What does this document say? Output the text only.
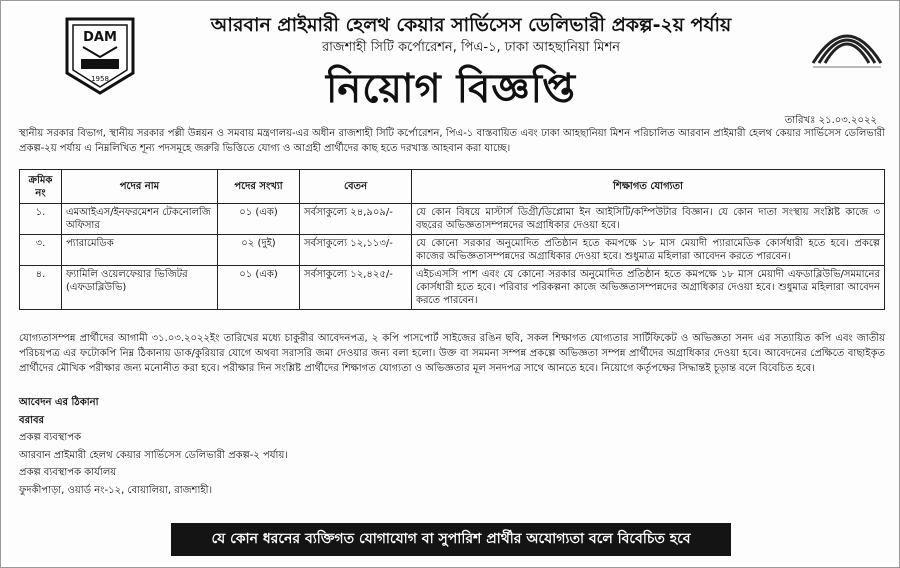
DAM
1958
আরবান প্রাইমারী হেলথ কেয়ার সার্ভিসেস ডেলিভারী প্রকল্প-২য় পর্যায়
রাজশাহী সিটি কর্পোরেশন, পিএ-১, ঢাকা আহছানিয়া মিশন
নিয়োগ বিজ্ঞপ্তি
তারিখঃ ২১.০৩.২০২২
স্থানীয় সরকার বিভাগ, স্থানীয় সরকার পল্লী উন্নয়ন ও সমবায় মন্ত্রণালয়-এর অধীন রাজশাহী সিটি কর্পোরেশন, পিএ-১ বাস্তবায়িত এবং ঢাকা আহছানিয়া মিশন পরিচালিত আরবান প্রাইমারী হেলথ কেয়ার সার্ভিসেস ডেলিভারী প্রকল্প-২য় পর্যায় এ নিম্নলিখিত শূন্য পদসমূহে জরুরি ভিত্তিতে যোগ্য ও আগ্রহী প্রার্থীদের কাছ হতে দরখাস্ত আহবান করা যাচ্ছে।
ক্রমিক নং	পদের নাম	পদের সংখ্যা	বেতন	শিক্ষাগত যোগ্যতা
১.	এমআইএস/ইনফরমেশন টেকনোলজি অফিসার	০১ (এক)	সর্বসাকুল্যে ২৪,৯০৯/-	যে কোন বিষয়ে মাস্টার্স ডিগ্রী/ডিপ্লোমা ইন আইসিটি/কম্পিউটার বিজ্ঞান। যে কোন দাতা সংস্থায় সংশ্লিষ্ট কাজে ৩ বছরের অভিজ্ঞতাসম্পন্নদের অগ্রাধিকার দেওয়া হবে।
৩.	প্যারামেডিক	০২ (দুই)	সর্বসাকুল্যে ১২,১১৩/-	যে কোনো সরকার অনুমোদিত প্রতিষ্ঠান হতে কমপক্ষে ১৮ মাস মেয়াদী প্যারামেডিক কোর্সধারী হতে হবে। প্রকল্পে কাজের অভিজ্ঞতাসম্পন্নদের অগ্রাধিকার দেওয়া হবে। শুধুমাত্র মহিলারা আবেদন করতে পারবেন।
৪.	ফ্যামিলি ওয়েলফেয়ার ভিজিটর (এফডাব্লিউভি)	০১ (এক)	সর্বসাকুল্যে ১২,৪২৫/-	এইচএসসি পাশ এবং যে কোনো সরকার অনুমোদিত প্রতিষ্ঠান হতে কমপক্ষে ১৮ মাস মেয়াদী এফডাব্লিউভি/সমমানের কোর্সধারী হতে হবে। পরিবার পরিকল্পনা কাজে অভিজ্ঞতাসম্পন্নদের অগ্রাধিকার দেওয়া হবে। শুধুমাত্র মহিলারা আবেদন করতে পারবেন।
যোগ্যতাসম্পন্ন প্রার্থীদের আগামী ৩১.০৩.২০২২ইং তারিখের মধ্যে চাকুরীর আবেদনপত্র, ২ কপি পাসপোর্ট সাইজের রঙিন ছবি, সকল শিক্ষাগত যোগ্যতার সার্টিফিকেট ও অভিজ্ঞতা সনদ এর সত্যায়িত কপি এবং জাতীয় পরিচয়পত্র এর ফটোকপি নিম্ন ঠিকানায় ডাক/কুরিয়ার যোগে অথবা সরাসরি জমা দেওয়ার জন্য বলা হলো। উক্ত বা সমমনা সম্পন্ন প্রকল্পে অভিজ্ঞতা সম্পন্ন প্রার্থীদের অগ্রাধিকার দেওয়া হবে। আবেদনের প্রেক্ষিতে বাছাইকৃত প্রার্থীদের মৌখিক পরীক্ষার জন্য মনোনীত করা হবে। পরীক্ষার দিন সংশ্লিষ্ট প্রার্থীদের শিক্ষাগত যোগ্যতা ও অভিজ্ঞতার মূল সনদপত্র সাথে আনতে হবে। নিয়োগে কর্তৃপক্ষের সিদ্ধান্তই চূড়ান্ত বলে বিবেচিত হবে।
আবেদন এর ঠিকানা
বরাবর
প্রকল্প ব্যবস্থাপক
আরবান প্রাইমারী হেলথ কেয়ার সার্ভিসেস ডেলিভারী প্রকল্প-২ পর্যায়।
প্রকল্প ব্যবস্থাপক কার্যালয়
ফুদকীপাড়া, ওয়ার্ড নং-১২, বোয়ালিয়া, রাজশাহী।
যে কোন ধরনের ব্যক্তিগত যোগাযোগ বা সুপারিশ প্রার্থীর অযোগ্যতা বলে বিবেচিত হবে
